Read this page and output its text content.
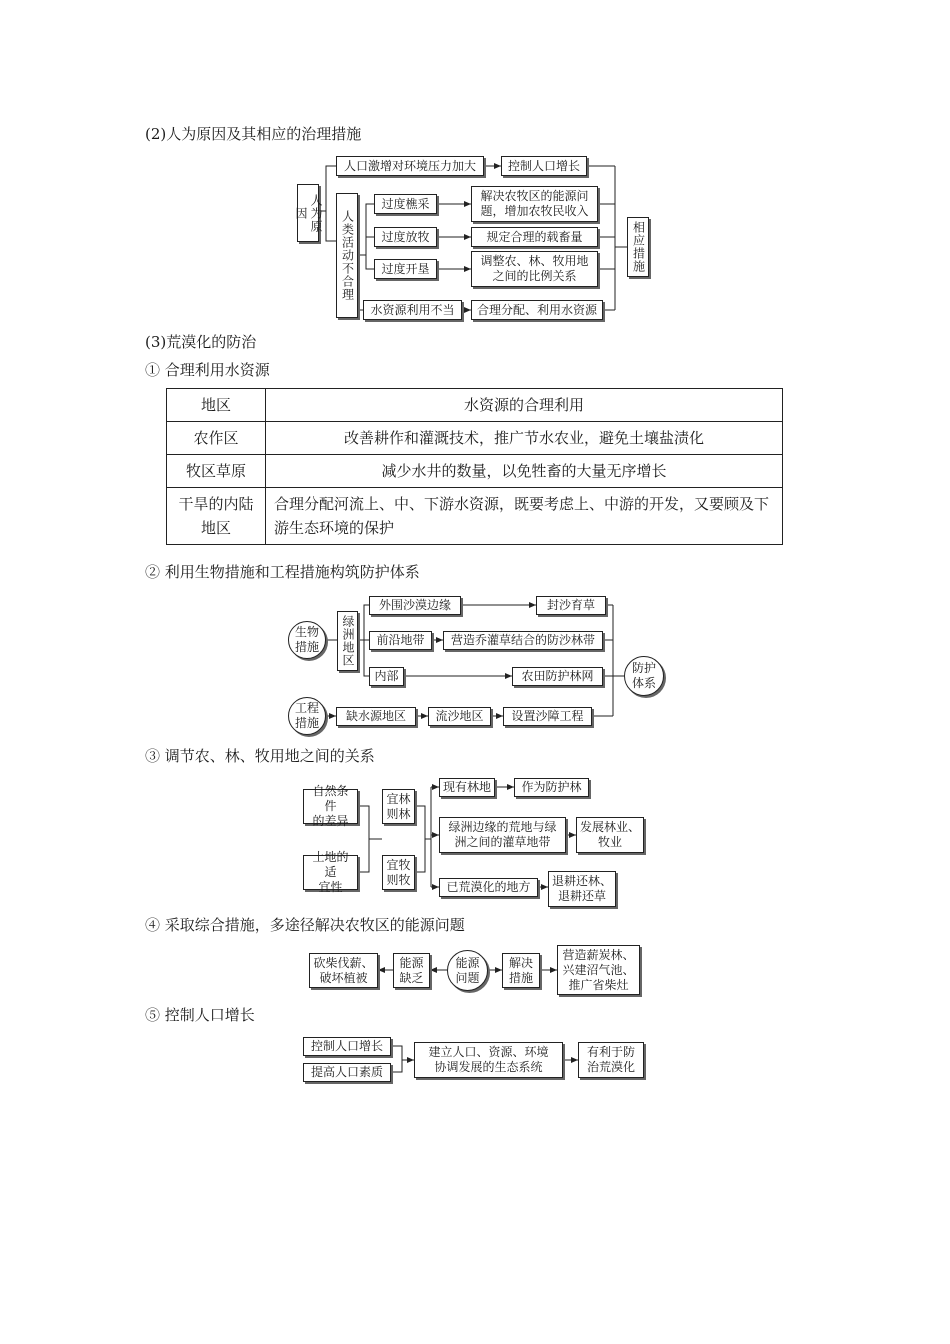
(2)人为原因及其相应的治理措施
(3)荒漠化的防治
① 合理利用水资源
② 利用生物措施和工程措施构筑防护体系
③ 调节农、林、牧用地之间的关系
④ 采取综合措施，多途径解决农牧区的能源问题
⑤ 控制人口增长
人为原因
人口激增对环境压力加大	控制人口增长
人类活动不合理
过度樵采
解决农牧区的能源问
题，增加农牧民收入
过度放牧	规定合理的载畜量
过度开垦
调整农、林、牧用地
之间的比例关系
水资源利用不当	合理分配、利用水资源
相应措施
地区	水资源的合理利用
农作区	改善耕作和灌溉技术，推广节水农业，避免土壤盐渍化
牧区草原	减少水井的数量，以免牲畜的大量无序增长
干旱的内陆地区	合理分配河流上、中、下游水资源，既要考虑上、中游的开发，又要顾及下游生态环境的保护
生物
措施	绿洲地区
外围沙漠边缘	封沙育草
前沿地带	营造乔灌草结合的防沙林带
内部	农田防护林网
工程
措施	缺水源地区	流沙地区	设置沙障工程
防护
体系
自然条件
的差异
土地的适
宜性
宜林
则林
宜牧
则牧
现有林地	作为防护林
绿洲边缘的荒地与绿
洲之间的灌草地带
发展林业、
牧业
已荒漠化的地方	退耕还林、
退耕还草
砍柴伐薪、
破坏植被
能源
缺乏
能源
问题
解决
措施
营造薪炭林、
兴建沼气池、
推广省柴灶
控制人口增长
提高人口素质
建立人口、资源、环境
协调发展的生态系统
有利于防
治荒漠化
